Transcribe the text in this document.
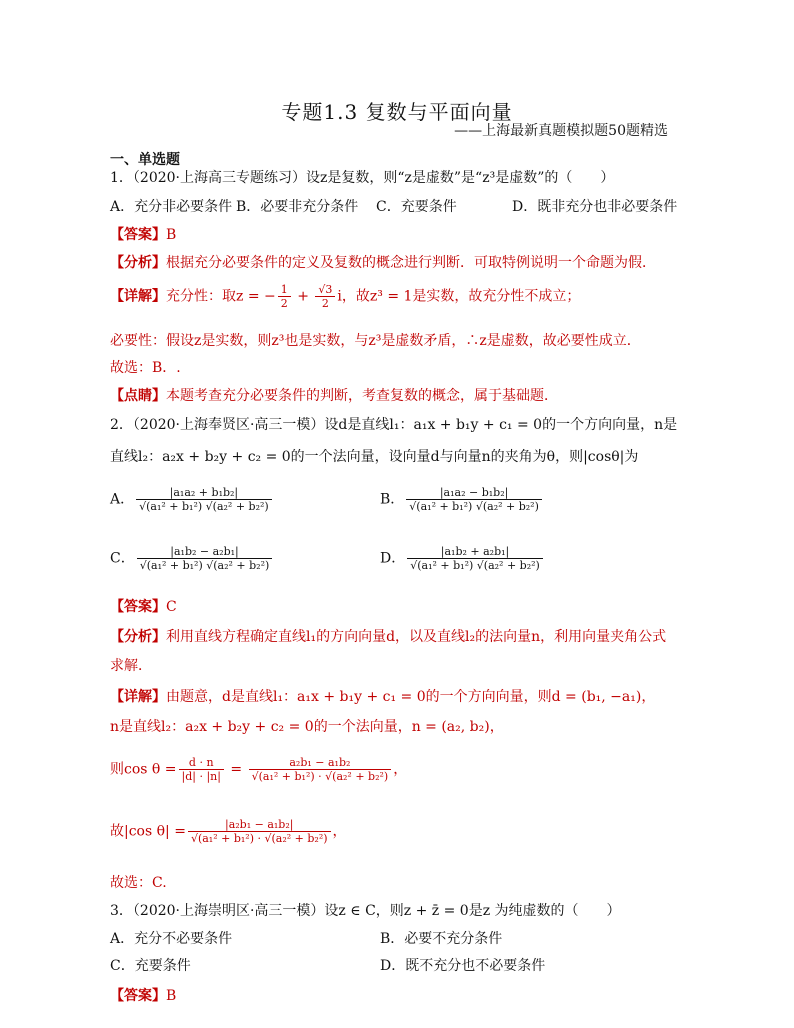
专题1.3 复数与平面向量
——上海最新真题模拟题50题精选
一、单选题
1．（2020·上海高三专题练习）设z是复数，则“z是虚数”是“z³是虚数”的（　　）
A．充分非必要条件 B．必要非充分条件 C．充要条件	D．既非充分也非必要条件
【答案】B
【分析】根据充分必要条件的定义及复数的概念进行判断．可取特例说明一个命题为假．
【详解】充分性：取z = − $\frac{1}{2} + \frac{√3}{2}$ i，故z³ = 1是实数，故充分性不成立；
必要性：假设z是实数，则z³也是实数，与z³是虚数矛盾，∴z是虚数，故必要性成立．
故选：B．.
【点睛】本题考查充分必要条件的判断，考查复数的概念，属于基础题．
2．（2020·上海奉贤区·高三一模）设d是直线l₁：a₁x + b₁y + c₁ = 0的一个方向向量，n是
直线l₂：a₂x + b₂y + c₂ = 0的一个法向量，设向量d与向量n的夹角为θ，则|cosθ|为
A． $\frac{\text{|a₁a₂ + b₁b₂|}}{\text{√(a₁² + b₁²) √(a₂² + b₂²)}}$	B． $\frac{\text{|a₁a₂ − b₁b₂|}}{\text{√(a₁² + b₁²) √(a₂² + b₂²)}}$
C． $\frac{\text{|a₁b₂ − a₂b₁|}}{\text{√(a₁² + b₁²) √(a₂² + b₂²)}}$	D． $\frac{\text{|a₁b₂ + a₂b₁|}}{\text{√(a₁² + b₁²) √(a₂² + b₂²)}}$
【答案】C
【分析】利用直线方程确定直线l₁的方向向量d，以及直线l₂的法向量n，利用向量夹角公式
求解．
【详解】由题意，d是直线l₁：a₁x + b₁y + c₁ = 0的一个方向向量，则d = (b₁, −a₁)，
n是直线l₂：a₂x + b₂y + c₂ = 0的一个法向量，n = (a₂, b₂)，
则$\cos \theta = \frac{d \cdot n}{|d| \cdot |n|} = \frac{\text{a₂b₁ − a₁b₂}}{\text{√(a₁² + b₁²) · √(a₂² + b₂²)}}$ ，
故|cos $\theta| = \frac{\text{|a₂b₁ − a₁b₂|}}{\text{√(a₁² + b₁²) · √(a₂² + b₂²)}}$ ，
故选：C.
3．（2020·上海崇明区·高三一模）设z ∈ C，则z + z̄ = 0是z 为纯虚数的（　　）
A．充分不必要条件	B．必要不充分条件
C．充要条件	D．既不充分也不必要条件
【答案】B
